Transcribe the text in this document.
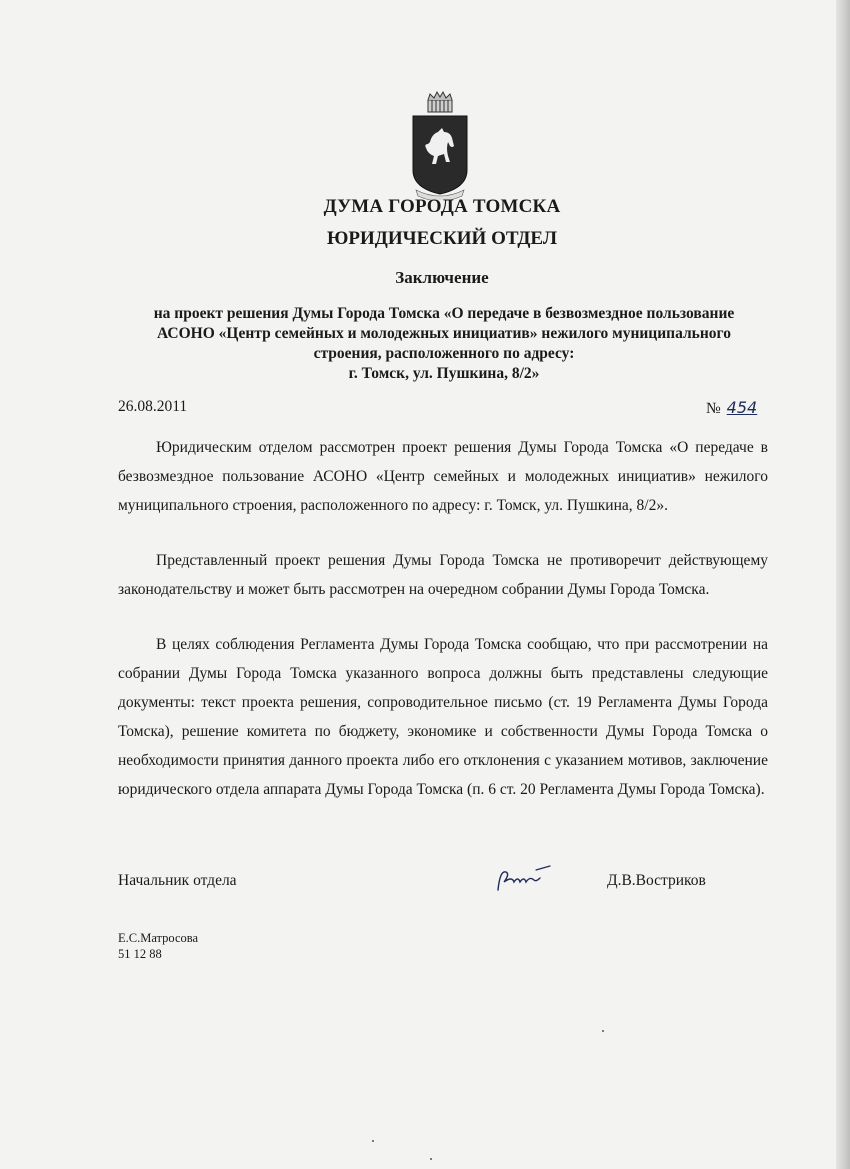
ДУМА ГОРОДА ТОМСКА
ЮРИДИЧЕСКИЙ ОТДЕЛ
Заключение
на проект решения Думы Города Томска «О передаче в безвозмездное пользование
АСОНО «Центр семейных и молодежных инициатив» нежилого муниципального
строения, расположенного по адресу:
г. Томск, ул. Пушкина, 8/2»
26.08.2011	№ 454

Юридическим отделом рассмотрен проект решения Думы Города Томска «О передаче в безвозмездное пользование АСОНО «Центр семейных и молодежных инициатив» нежилого муниципального строения, расположенного по адресу: г. Томск, ул. Пушкина, 8/2».

Представленный проект решения Думы Города Томска не противоречит действующему законодательству и может быть рассмотрен на очередном собрании Думы Города Томска.

В целях соблюдения Регламента Думы Города Томска сообщаю, что при рассмотрении на собрании Думы Города Томска указанного вопроса должны быть представлены следующие документы: текст проекта решения, сопроводительное письмо (ст. 19 Регламента Думы Города Томска), решение комитета по бюджету, экономике и собственности Думы Города Томска о необходимости принятия данного проекта либо его отклонения с указанием мотивов, заключение юридического отдела аппарата Думы Города Томска (п. 6 ст. 20 Регламента Думы Города Томска).

Начальник отдела	Д.В.Востриков
Е.С.Матросова
51 12 88
